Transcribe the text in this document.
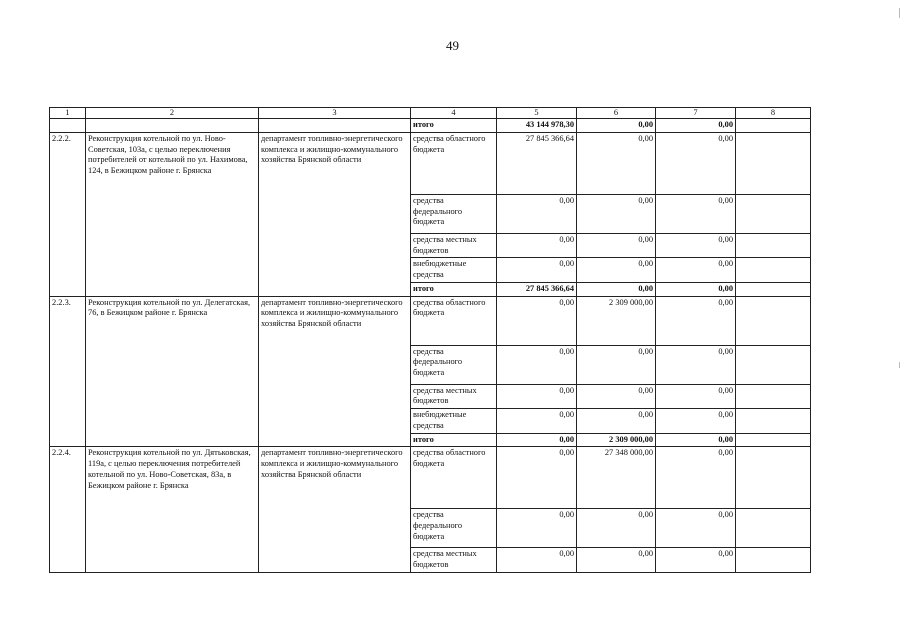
49
1	2	3	4	5	6	7	8
			итого	43 144 978,30	0,00	0,00	
2.2.2.	Реконструкция котельной по ул. Ново-Советская, 103а, с целью переключения потребителей от котельной по ул. Нахимова, 124, в Бежицком районе г. Брянска	департамент топливно-энергетического комплекса и жилищно-коммунального хозяйства Брянской области	средства областного бюджета	27 845 366,64	0,00	0,00	
			средства федерального бюджета	0,00	0,00	0,00	
			средства местных бюджетов	0,00	0,00	0,00	
			внебюджетные средства	0,00	0,00	0,00	
			итого	27 845 366,64	0,00	0,00	
2.2.3.	Реконструкция котельной по ул. Делегатская, 76, в Бежицком районе г. Брянска	департамент топливно-энергетического комплекса и жилищно-коммунального хозяйства Брянской области	средства областного бюджета	0,00	2 309 000,00	0,00	
			средства федерального бюджета	0,00	0,00	0,00	
			средства местных бюджетов	0,00	0,00	0,00	
			внебюджетные средства	0,00	0,00	0,00	
			итого	0,00	2 309 000,00	0,00	
2.2.4.	Реконструкция котельной по ул. Дятьковская, 119а, с целью переключения потребителей котельной по ул. Ново-Советская, 83а, в Бежицком районе г. Брянска	департамент топливно-энергетического комплекса и жилищно-коммунального хозяйства Брянской области	средства областного бюджета	0,00	27 348 000,00	0,00	
			средства федерального бюджета	0,00	0,00	0,00	
			средства местных бюджетов	0,00	0,00	0,00	
